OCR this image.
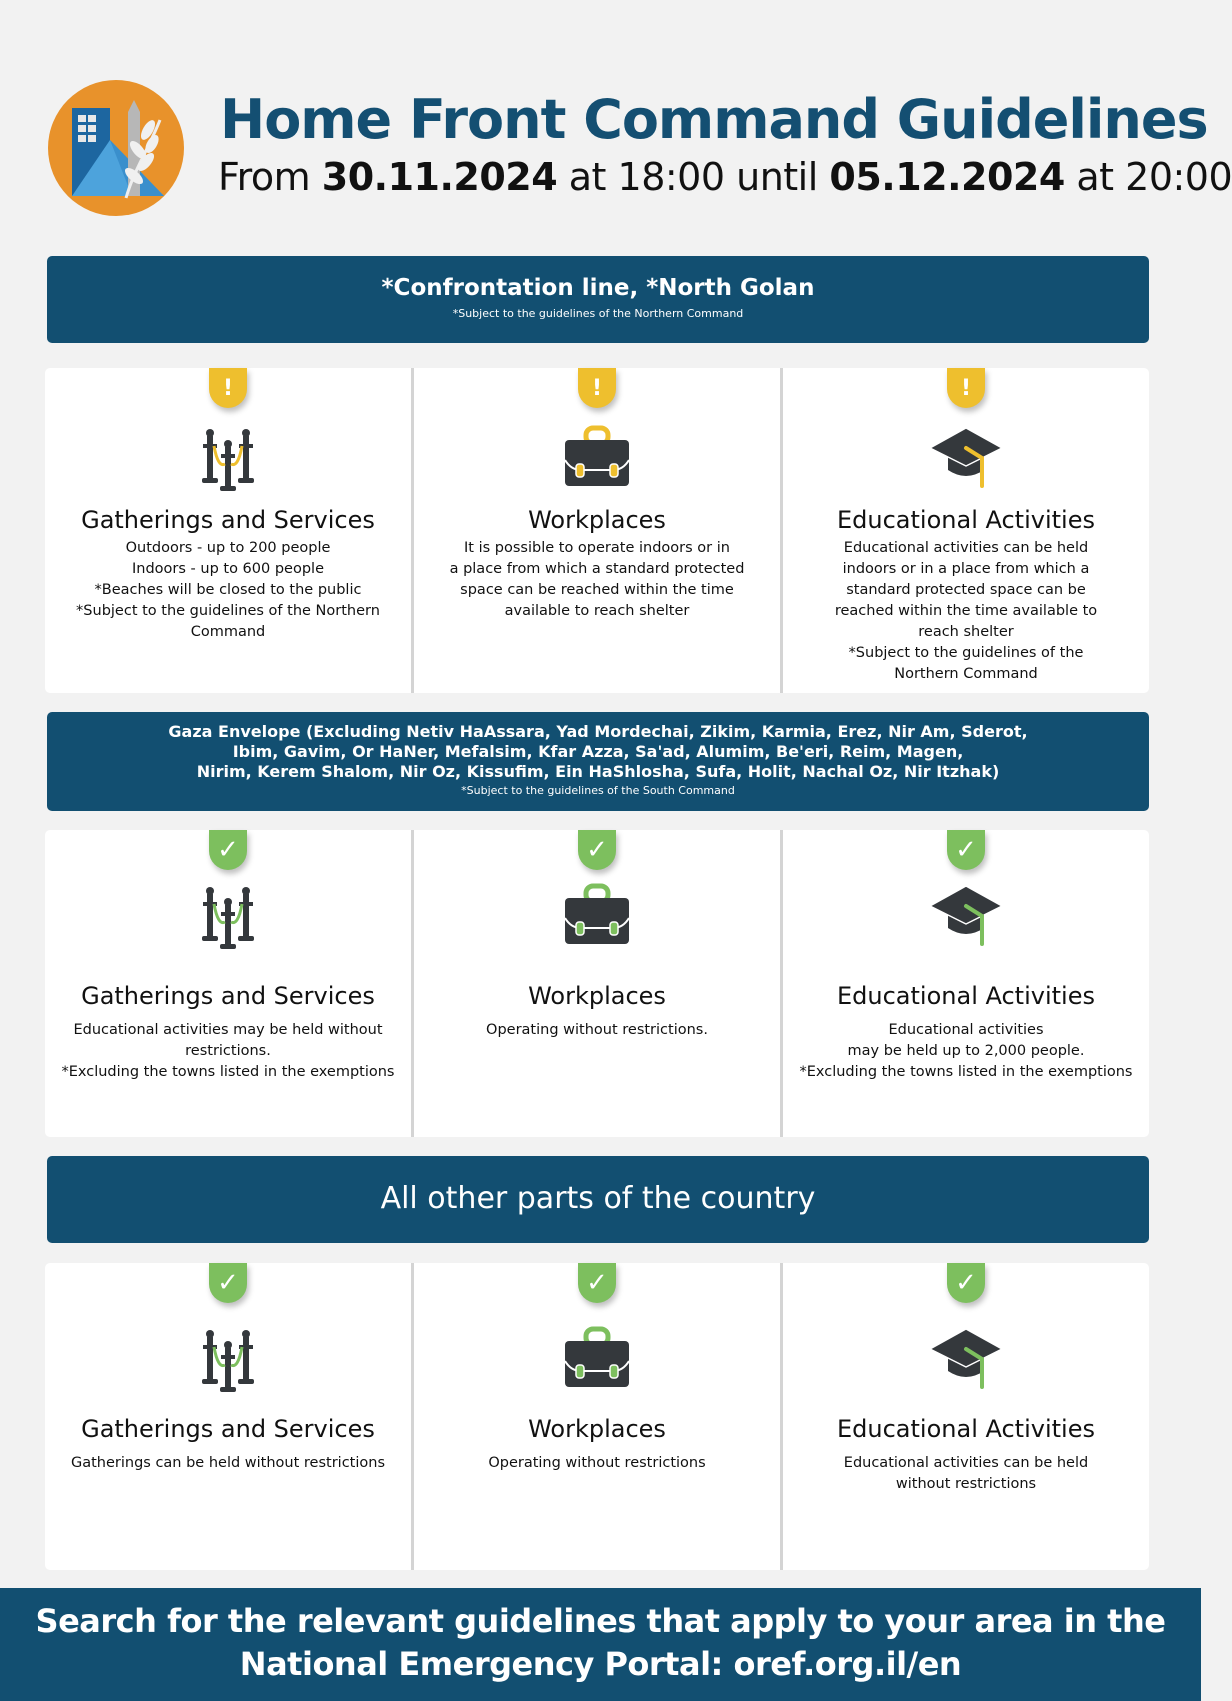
Home Front Command Guidelines
From 30.11.2024 at 18:00 until 05.12.2024 at 20:00
*Confrontation line, *North Golan
*Subject to the guidelines of the Northern Command
!
Gatherings and Services
Outdoors - up to 200 people
Indoors - up to 600 people
*Beaches will be closed to the public
*Subject to the guidelines of the Northern
Command
!
Workplaces
It is possible to operate indoors or in
a place from which a standard protected
space can be reached within the time
available to reach shelter
!
Educational Activities
Educational activities can be held
indoors or in a place from which a
standard protected space can be
reached within the time available to
reach shelter
*Subject to the guidelines of the
Northern Command
Gaza Envelope (Excluding Netiv HaAssara, Yad Mordechai, Zikim, Karmia, Erez, Nir Am, Sderot,
Ibim, Gavim, Or HaNer, Mefalsim, Kfar Azza, Sa'ad, Alumim, Be'eri, Reim, Magen,
Nirim, Kerem Shalom, Nir Oz, Kissufim, Ein HaShlosha, Sufa, Holit, Nachal Oz, Nir Itzhak)
*Subject to the guidelines of the South Command
✓
Gatherings and Services
Educational activities may be held without
restrictions.
*Excluding the towns listed in the exemptions
✓
Workplaces
Operating without restrictions.
✓
Educational Activities
Educational activities
may be held up to 2,000 people.
*Excluding the towns listed in the exemptions
All other parts of the country
✓
Gatherings and Services
Gatherings can be held without restrictions
✓
Workplaces
Operating without restrictions
✓
Educational Activities
Educational activities can be held
without restrictions
Search for the relevant guidelines that apply to your area in the
National Emergency Portal: oref.org.il/en
